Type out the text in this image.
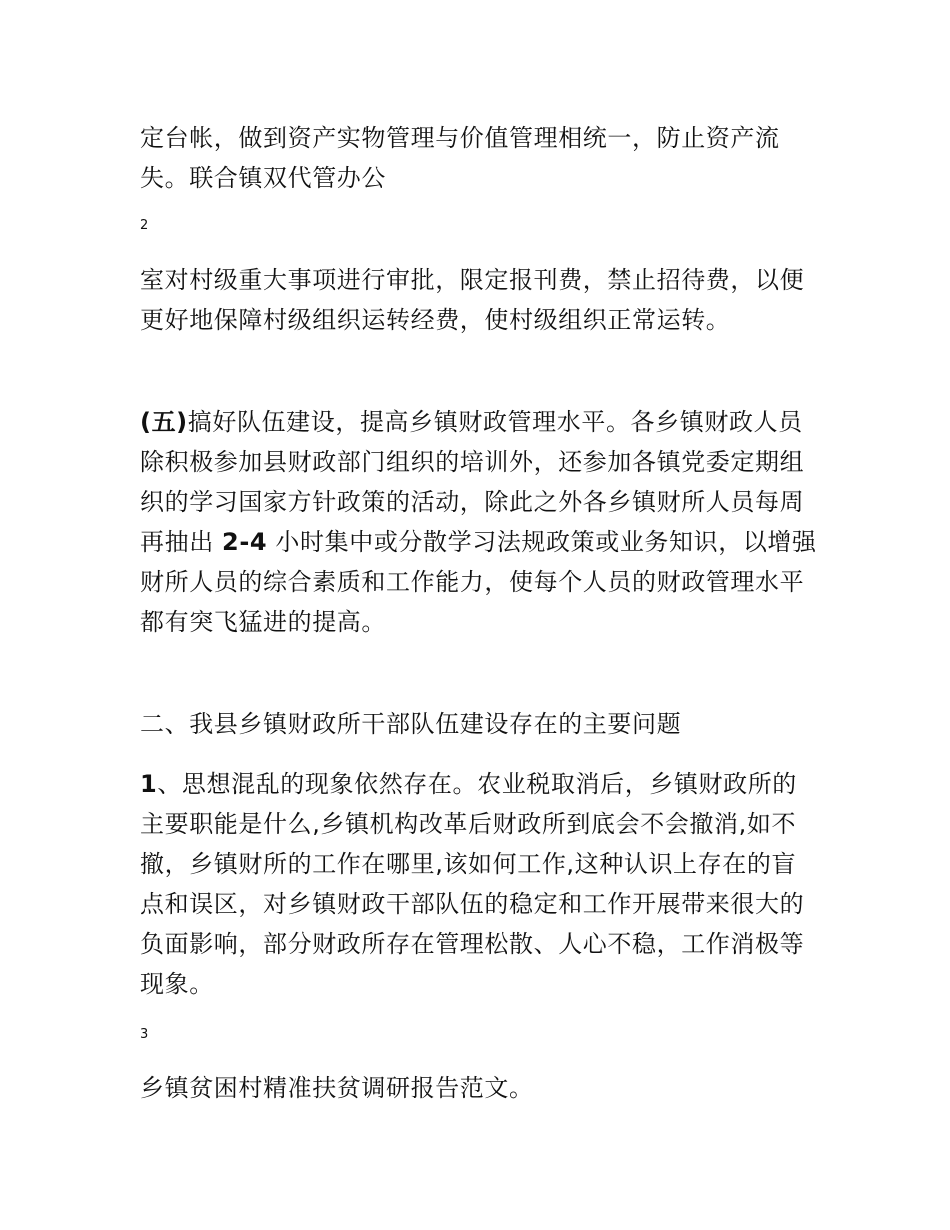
定台帐，做到资产实物管理与价值管理相统一，防止资产流失。联合镇双代管办公

2

室对村级重大事项进行审批，限定报刊费，禁止招待费，以便更好地保障村级组织运转经费，使村级组织正常运转。

(五)搞好队伍建设，提高乡镇财政管理水平。各乡镇财政人员除积极参加县财政部门组织的培训外，还参加各镇党委定期组织的学习国家方针政策的活动，除此之外各乡镇财所人员每周再抽出 2-4 小时集中或分散学习法规政策或业务知识，以增强财所人员的综合素质和工作能力，使每个人员的财政管理水平都有突飞猛进的提高。

二、我县乡镇财政所干部队伍建设存在的主要问题

1、思想混乱的现象依然存在。农业税取消后，乡镇财政所的主要职能是什么,乡镇机构改革后财政所到底会不会撤消,如不撤，乡镇财所的工作在哪里,该如何工作,这种认识上存在的盲点和误区，对乡镇财政干部队伍的稳定和工作开展带来很大的负面影响，部分财政所存在管理松散、人心不稳，工作消极等现象。

3

乡镇贫困村精准扶贫调研报告范文。
